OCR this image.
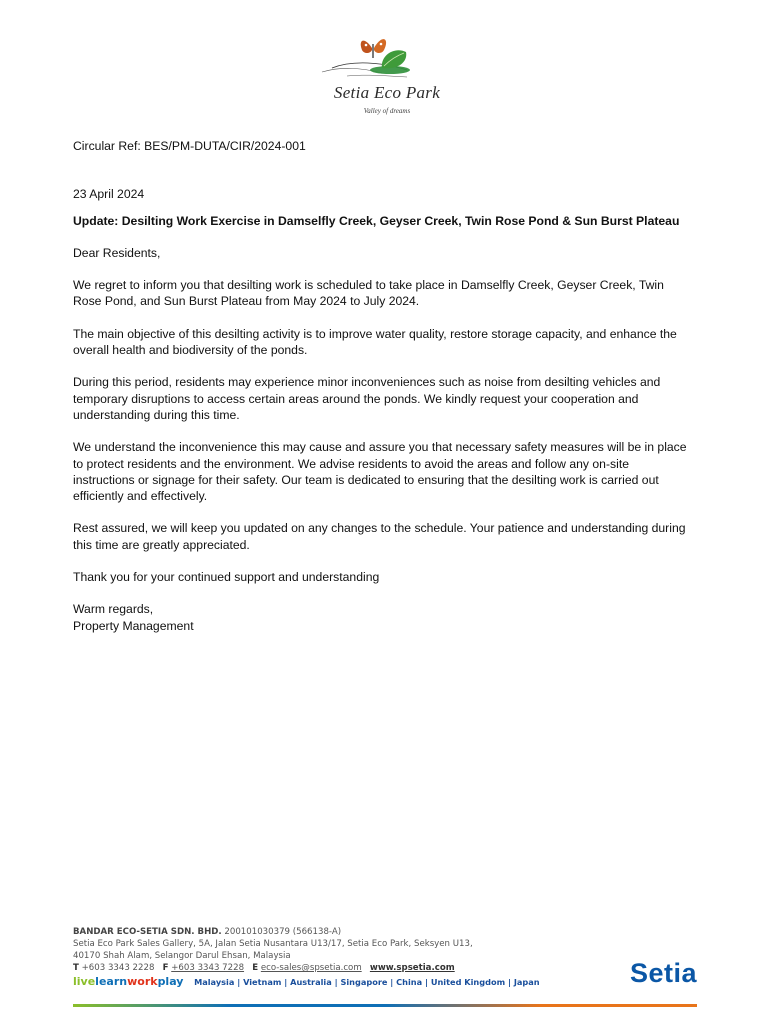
Setia Eco Park
Valley of dreams

Circular Ref: BES/PM-DUTA/CIR/2024-001

23 April 2024

Update: Desilting Work Exercise in Damselfly Creek, Geyser Creek, Twin Rose Pond & Sun Burst Plateau

Dear Residents,

We regret to inform you that desilting work is scheduled to take place in Damselfly Creek, Geyser Creek, Twin Rose Pond, and Sun Burst Plateau from May 2024 to July 2024.

The main objective of this desilting activity is to improve water quality, restore storage capacity, and enhance the overall health and biodiversity of the ponds.

During this period, residents may experience minor inconveniences such as noise from desilting vehicles and temporary disruptions to access certain areas around the ponds. We kindly request your cooperation and understanding during this time.

We understand the inconvenience this may cause and assure you that necessary safety measures will be in place to protect residents and the environment. We advise residents to avoid the areas and follow any on-site instructions or signage for their safety. Our team is dedicated to ensuring that the desilting work is carried out efficiently and effectively.

Rest assured, we will keep you updated on any changes to the schedule. Your patience and understanding during this time are greatly appreciated.

Thank you for your continued support and understanding

Warm regards,

Property Management

BANDAR ECO-SETIA SDN. BHD. 200101030379 (566138-A)
Setia Eco Park Sales Gallery, 5A, Jalan Setia Nusantara U13/17, Setia Eco Park, Seksyen U13,
40170 Shah Alam, Selangor Darul Ehsan, Malaysia
T +603 3343 2228 F +603 3343 7228 E eco-sales@spsetia.com www.spsetia.com
livelearnworkplay Malaysia | Vietnam | Australia | Singapore | China | United Kingdom | Japan	Setia
